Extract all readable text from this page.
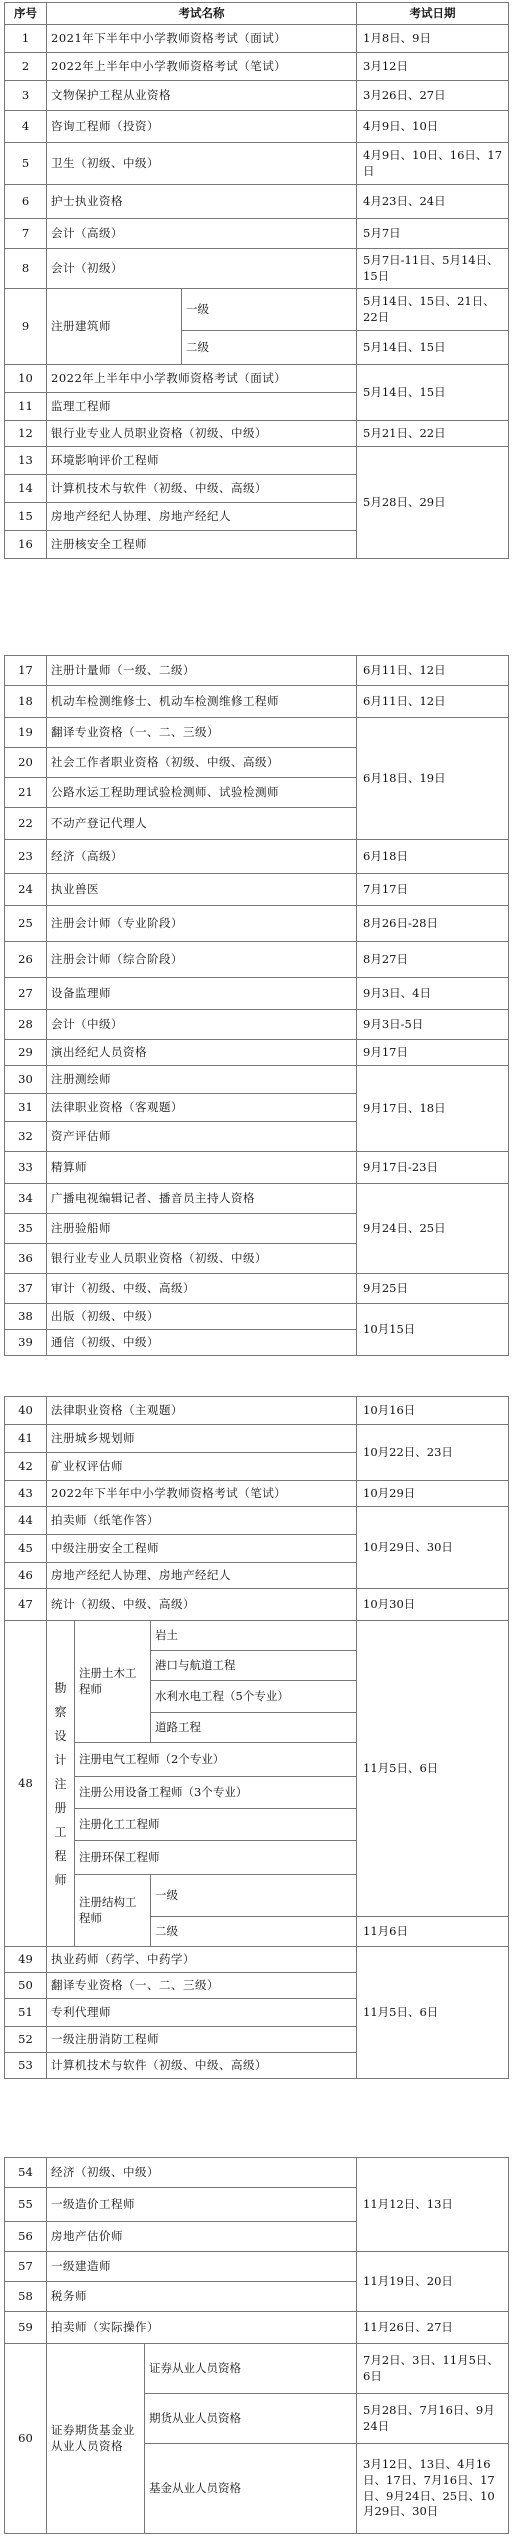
序号	考试名称		考试日期
1	2021年下半年中小学教师资格考试（面试）		1月8日、9日
2	2022年上半年中小学教师资格考试（笔试）		3月12日
3	文物保护工程从业资格		3月26日、27日
4	咨询工程师（投资）		4月9日、10日
5	卫生（初级、中级）		4月9日、10日、16日、17日
6	护士执业资格		4月23日、24日
7	会计（高级）		5月7日
8	会计（初级）		5月7日-11日、5月14日、15日
9	注册建筑师	一级	5月14日、15日、21日、22日
		二级	5月14日、15日
10	2022年上半年中小学教师资格考试（面试）		5月14日、15日
11	监理工程师		
12	银行业专业人员职业资格（初级、中级）		5月21日、22日
13	环境影响评价工程师		5月28日、29日
14	计算机技术与软件（初级、中级、高级）		
15	房地产经纪人协理、房地产经纪人		
16	注册核安全工程师		
17	注册计量师（一级、二级）	6月11日、12日
18	机动车检测维修士、机动车检测维修工程师	6月11日、12日
19	翻译专业资格（一、二、三级）	6月18日、19日
20	社会工作者职业资格（初级、中级、高级）	
21	公路水运工程助理试验检测师、试验检测师	
22	不动产登记代理人	
23	经济（高级）	6月18日
24	执业兽医	7月17日
25	注册会计师（专业阶段）	8月26日-28日
26	注册会计师（综合阶段）	8月27日
27	设备监理师	9月3日、4日
28	会计（中级）	9月3日-5日
29	演出经纪人员资格	9月17日
30	注册测绘师	9月17日、18日
31	法律职业资格（客观题）	
32	资产评估师	
33	精算师	9月17日-23日
34	广播电视编辑记者、播音员主持人资格	9月24日、25日
35	注册验船师	
36	银行业专业人员职业资格（初级、中级）	
37	审计（初级、中级、高级）	9月25日
38	出版（初级、中级）	10月15日
39	通信（初级、中级）	
40	法律职业资格（主观题）			10月16日
41	注册城乡规划师			10月22日、23日
42	矿业权评估师			
43	2022年下半年中小学教师资格考试（笔试）			10月29日
44	拍卖师（纸笔作答）			10月29日、30日
45	中级注册安全工程师			
46	房地产经纪人协理、房地产经纪人			
47	统计（初级、中级、高级）			10月30日
48	勘察设计注册工程师	注册土木工程师	岩土	11月5日、6日
			港口与航道工程	
			水利水电工程（5个专业）	
			道路工程	
		注册电气工程师（2个专业）		
		注册公用设备工程师（3个专业）		
		注册化工工程师		
		注册环保工程师		
		注册结构工程师	一级	

			二级	11月6日
49	执业药师（药学、中药学）			11月5日、6日
50	翻译专业资格（一、二、三级）			
51	专利代理师			
52	一级注册消防工程师			
53	计算机技术与软件（初级、中级、高级）			
54	经济（初级、中级）		11月12日、13日
55	一级造价工程师		
56	房地产估价师		
57	一级建造师		11月19日、20日
58	税务师		
59	拍卖师（实际操作）		11月26日、27日
60	证券期货基金业从业人员资格	证券从业人员资格	7月2日、3日、11月5日、6日
		期货从业人员资格	5月28日、7月16日、9月24日
		基金从业人员资格	3月12日、13日、4月16日、17日、7月16日、17日、9月24日、25日、10月29日、30日
